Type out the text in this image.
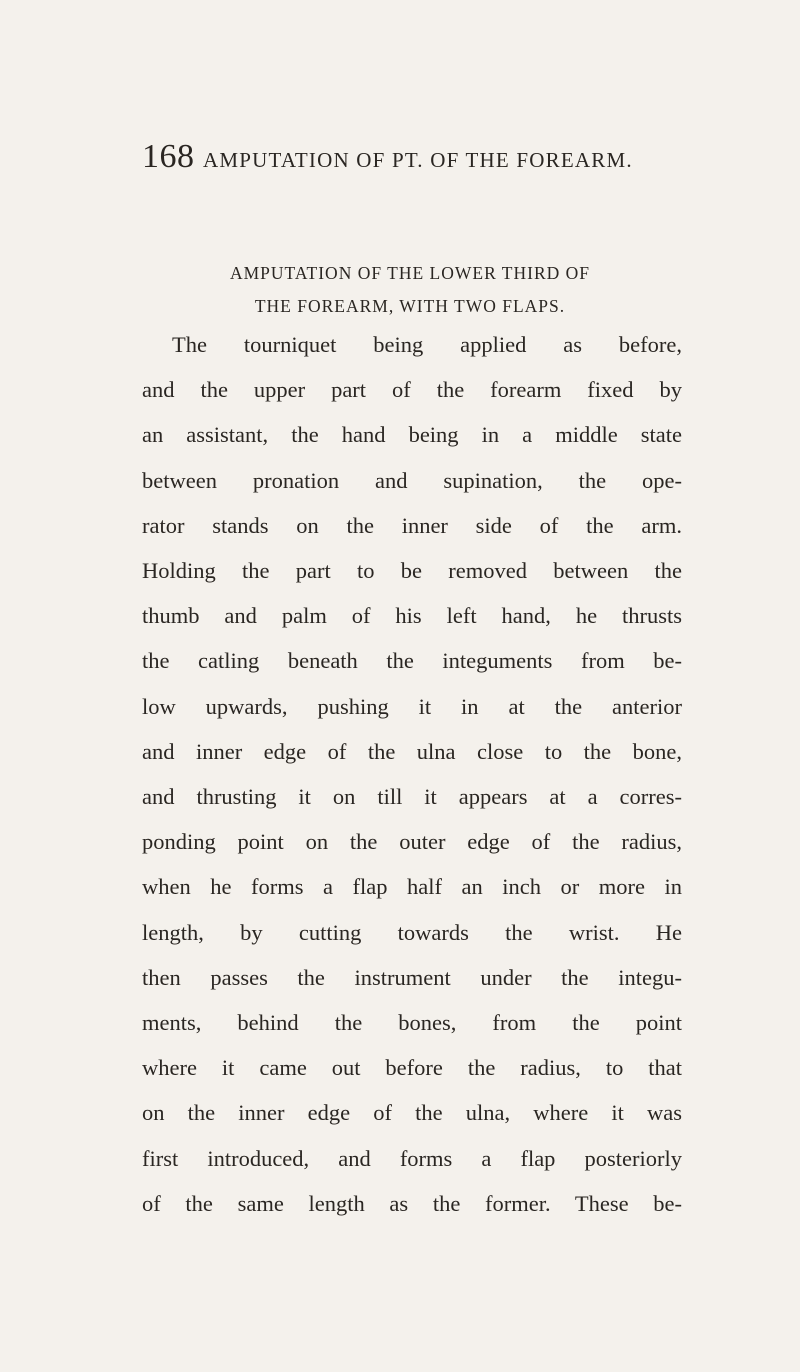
168 AMPUTATION OF PT. OF THE FOREARM.
AMPUTATION OF THE LOWER THIRD OF
THE FOREARM, WITH TWO FLAPS.
The tourniquet being applied as before,
and the upper part of the forearm fixed by
an assistant, the hand being in a middle state
between pronation and supination, the ope-
rator stands on the inner side of the arm.
Holding the part to be removed between the
thumb and palm of his left hand, he thrusts
the catling beneath the integuments from be-
low upwards, pushing it in at the anterior
and inner edge of the ulna close to the bone,
and thrusting it on till it appears at a corres-
ponding point on the outer edge of the radius,
when he forms a flap half an inch or more in
length, by cutting towards the wrist. He
then passes the instrument under the integu-
ments, behind the bones, from the point
where it came out before the radius, to that
on the inner edge of the ulna, where it was
first introduced, and forms a flap posteriorly
of the same length as the former. These be-
